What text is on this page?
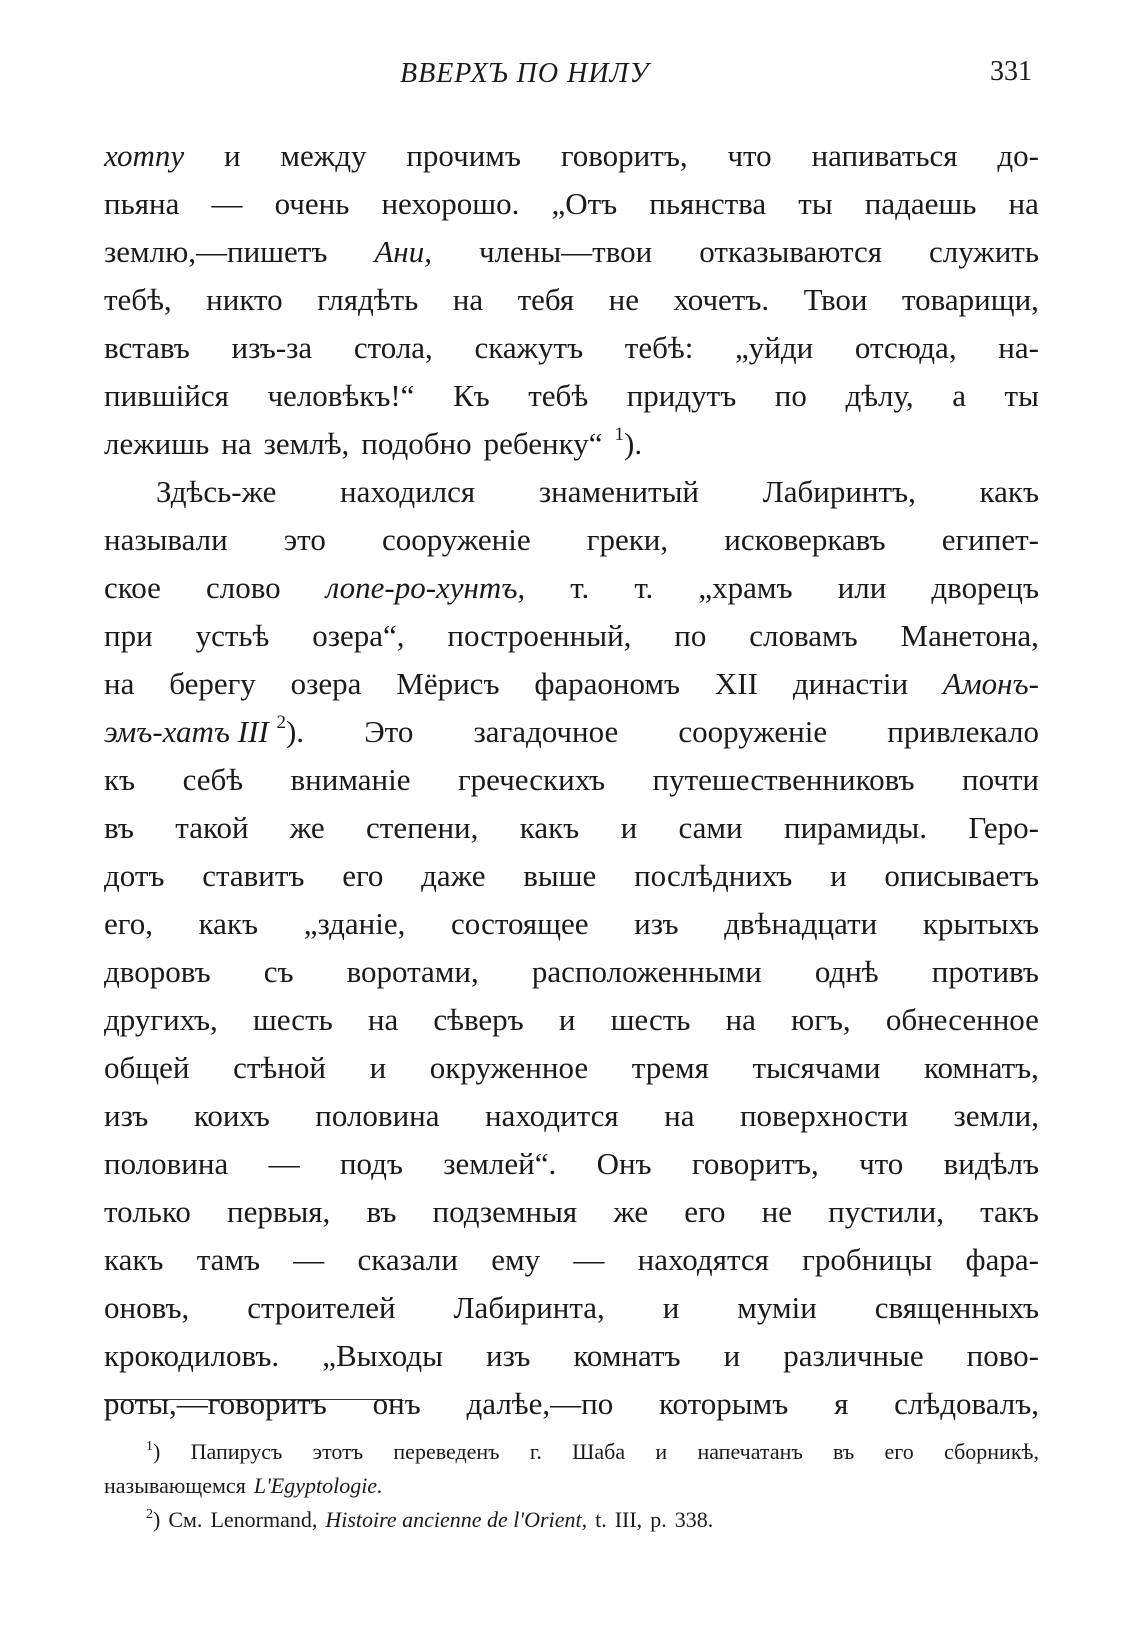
ВВЕРХЪ ПО НИЛУ	331
хотпу и между прочимъ говоритъ, что напиваться до-
пьяна — очень нехорошо. „Отъ пьянства ты падаешь на
землю,—пишетъ Ани, члены—твои отказываются служить
тебѣ, никто глядѣть на тебя не хочетъ. Твои товарищи,
вставъ изъ-за стола, скажутъ тебѣ: „уйди отсюда, на-
пившiйся человѣкъ!“ Къ тебѣ придутъ по дѣлу, а ты
лежишь на землѣ, подобно ребенку“ $^1$).
Здѣсь-же находился знаменитый Лабиринтъ, какъ
называли это сооруженiе греки, исковеркавъ египет-
ское слово лопе-ро-хунтъ, т. т. „храмъ или дворецъ
при устьѣ озера“, построенный, по словамъ Манетона,
на берегу озера Мёрисъ фараономъ XII династiи Амонъ-
эмъ-хатъ III $^2$). Это загадочное сооруженiе привлекало
къ себѣ вниманiе греческихъ путешественниковъ почти
въ такой же степени, какъ и сами пирамиды. Геро-
дотъ ставитъ его даже выше послѣднихъ и описываетъ
его, какъ „зданiе, состоящее изъ двѣнадцати крытыхъ
дворовъ съ воротами, расположенными однѣ противъ
другихъ, шесть на сѣверъ и шесть на югъ, обнесенное
общей стѣной и окруженное тремя тысячами комнатъ,
изъ коихъ половина находится на поверхности земли,
половина — подъ землей“. Онъ говоритъ, что видѣлъ
только первыя, въ подземныя же его не пустили, такъ
какъ тамъ — сказали ему — находятся гробницы фара-
оновъ, строителей Лабиринта, и мумiи священныхъ
крокодиловъ. „Выходы изъ комнатъ и различные пово-
роты,—говоритъ онъ далѣе,—по которымъ я слѣдовалъ,
$^1$) Папирусъ этотъ переведенъ г. Шаба и напечатанъ въ его сборникѣ,
называющемся L'Egyptologie.
$^2$) См. Lenormand, Histoire ancienne de l'Orient, t. III, p. 338.
